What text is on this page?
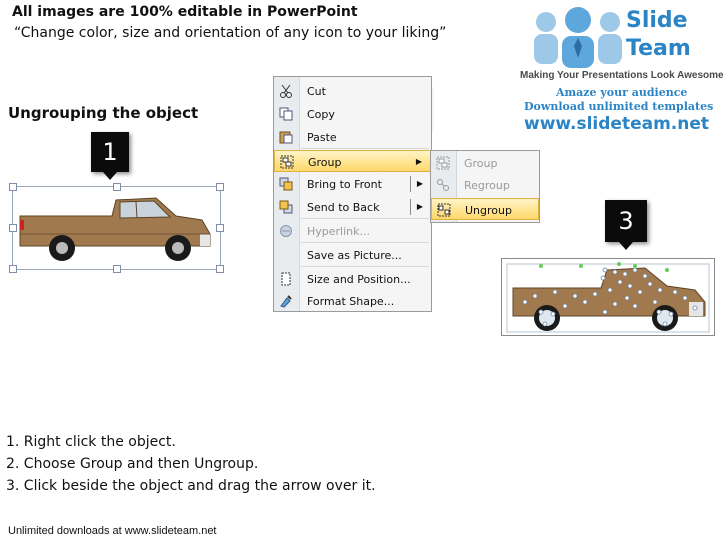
All images are 100% editable in PowerPoint
“Change color, size and orientation of any icon to your liking”	Slide
Team
Making Your Presentations Look Awesome
Amaze your audience
Download unlimited templates
www.slideteam.net
Ungrouping the object
1
Cut
Copy
Paste
Group	▶
Bring to Front	▶
Send to Back	▶
Hyperlink...
Save as Picture...
Size and Position...
Format Shape...
Group
Regroup
Ungroup	3
1. Right click the object.
2. Choose Group and then Ungroup.
3. Click beside the object and drag the arrow over it.
Unlimited downloads at www.slideteam.net
